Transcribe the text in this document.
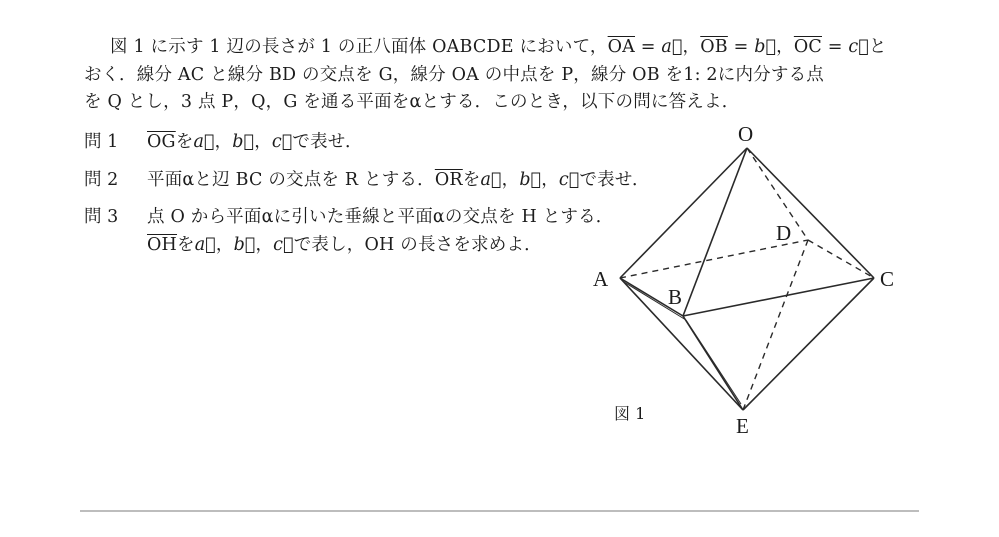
図 1 に示す 1 辺の長さが 1 の正八面体 OABCDE において，$\overline{OA}$ = a⃗，$\overline{OB}$ = b⃗，$\overline{OC}$ = c⃗と
おく．線分 AC と線分 BD の交点を G，線分 OA の中点を P，線分 OB を1: 2に内分する点
を Q とし，3 点 P，Q，G を通る平面をαとする．このとき，以下の問に答えよ．
問 1 $\overline{OG}$をa⃗，b⃗，c⃗で表せ．
問 2 平面αと辺 BC の交点を R とする．$\overline{OR}$をa⃗，b⃗，c⃗で表せ．
問 3 点 O から平面αに引いた垂線と平面αの交点を H とする．
$\overline{OH}$をa⃗，b⃗，c⃗で表し，OH の長さを求めよ．
O
A
B
C
D
E
図 1
